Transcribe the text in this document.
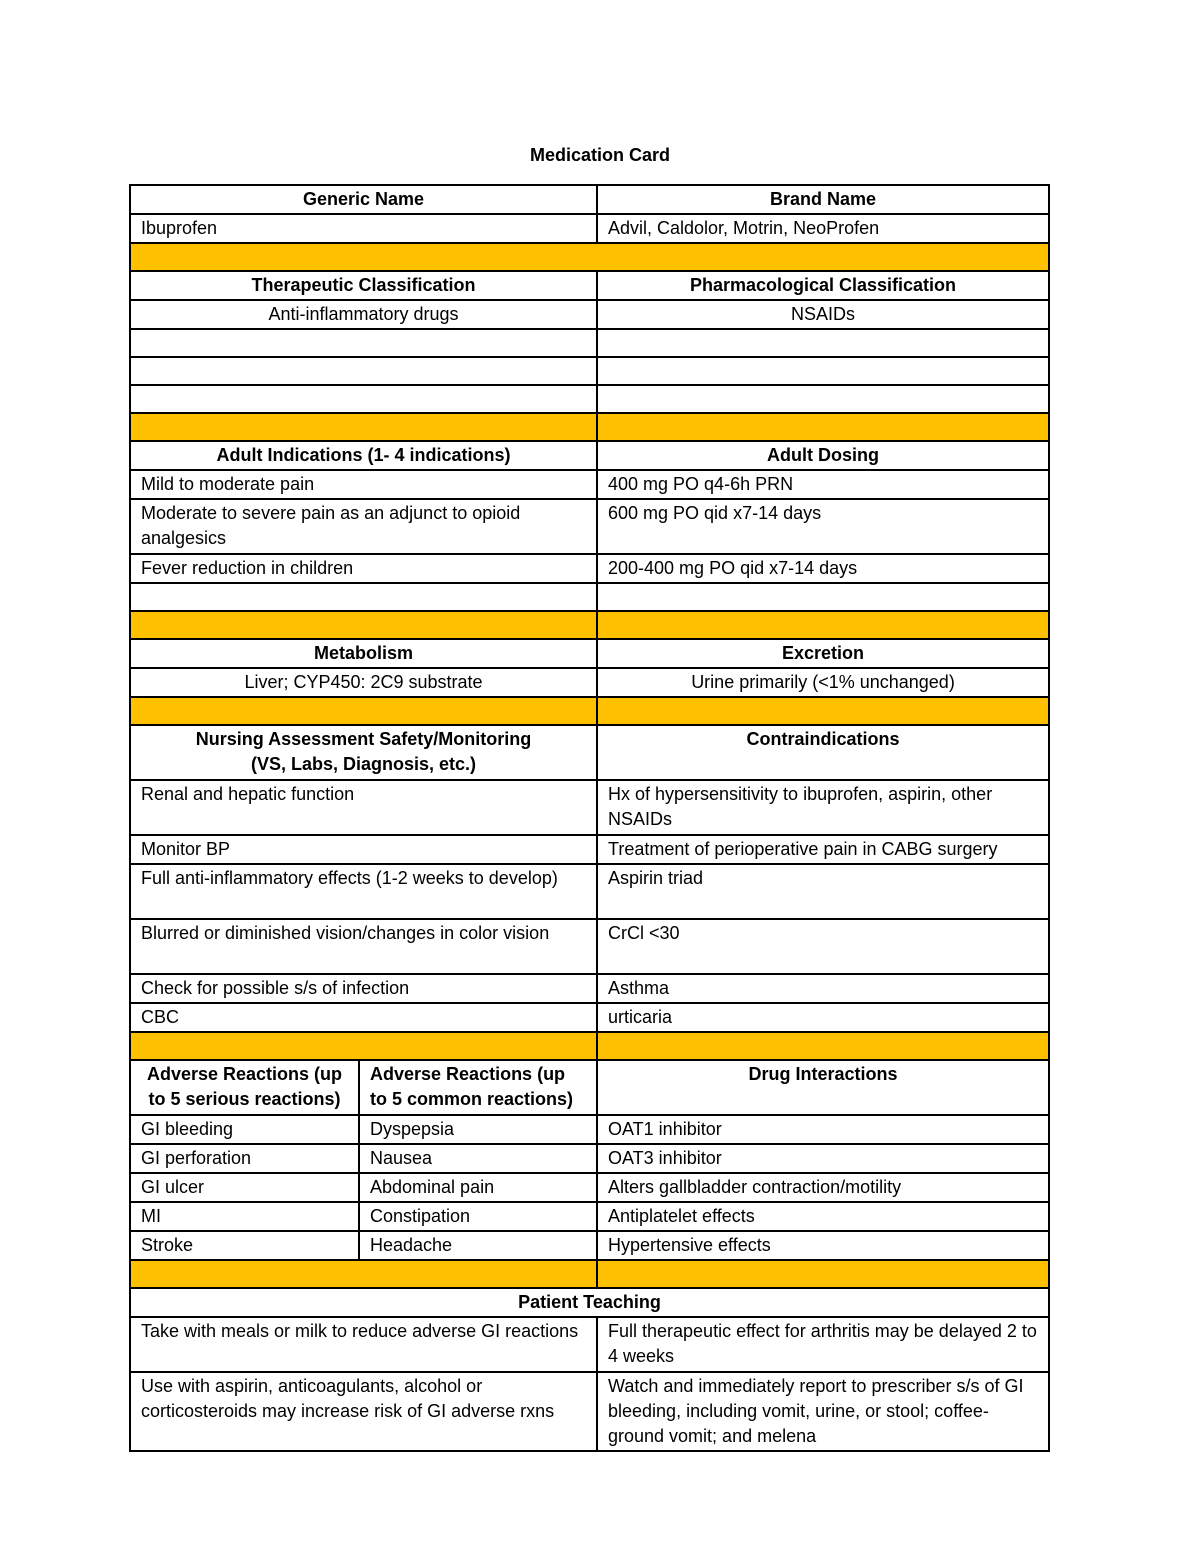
Medication Card
Generic Name		Brand Name
Ibuprofen		Advil, Caldolor, Motrin, NeoProfen

Therapeutic Classification		Pharmacological Classification
Anti-inflammatory drugs		NSAIDs

Adult Indications (1- 4 indications)		Adult Dosing
Mild to moderate pain		400 mg PO q4-6h PRN
Moderate to severe pain as an adjunct to opioid analgesics		600 mg PO qid x7-14 days
Fever reduction in children		200-400 mg PO qid x7-14 days

Metabolism		Excretion
Liver; CYP450: 2C9 substrate		Urine primarily (<1% unchanged)

Nursing Assessment Safety/Monitoring
(VS, Labs, Diagnosis, etc.)		Contraindications
Renal and hepatic function		Hx of hypersensitivity to ibuprofen, aspirin, other NSAIDs
Monitor BP		Treatment of perioperative pain in CABG surgery
Full anti-inflammatory effects (1-2 weeks to develop)		Aspirin triad
Blurred or diminished vision/changes in color vision		CrCl <30
Check for possible s/s of infection		Asthma
CBC		urticaria

Adverse Reactions (up to 5 serious reactions)	Adverse Reactions (up to 5 common reactions)	Drug Interactions
GI bleeding	Dyspepsia	OAT1 inhibitor
GI perforation	Nausea	OAT3 inhibitor
GI ulcer	Abdominal pain	Alters gallbladder contraction/motility
MI	Constipation	Antiplatelet effects
Stroke	Headache	Hypertensive effects

Patient Teaching		
Take with meals or milk to reduce adverse GI reactions		Full therapeutic effect for arthritis may be delayed 2 to 4 weeks
Use with aspirin, anticoagulants, alcohol or corticosteroids may increase risk of GI adverse rxns		Watch and immediately report to prescriber s/s of GI bleeding, including vomit, urine, or stool; coffee-ground vomit; and melena
